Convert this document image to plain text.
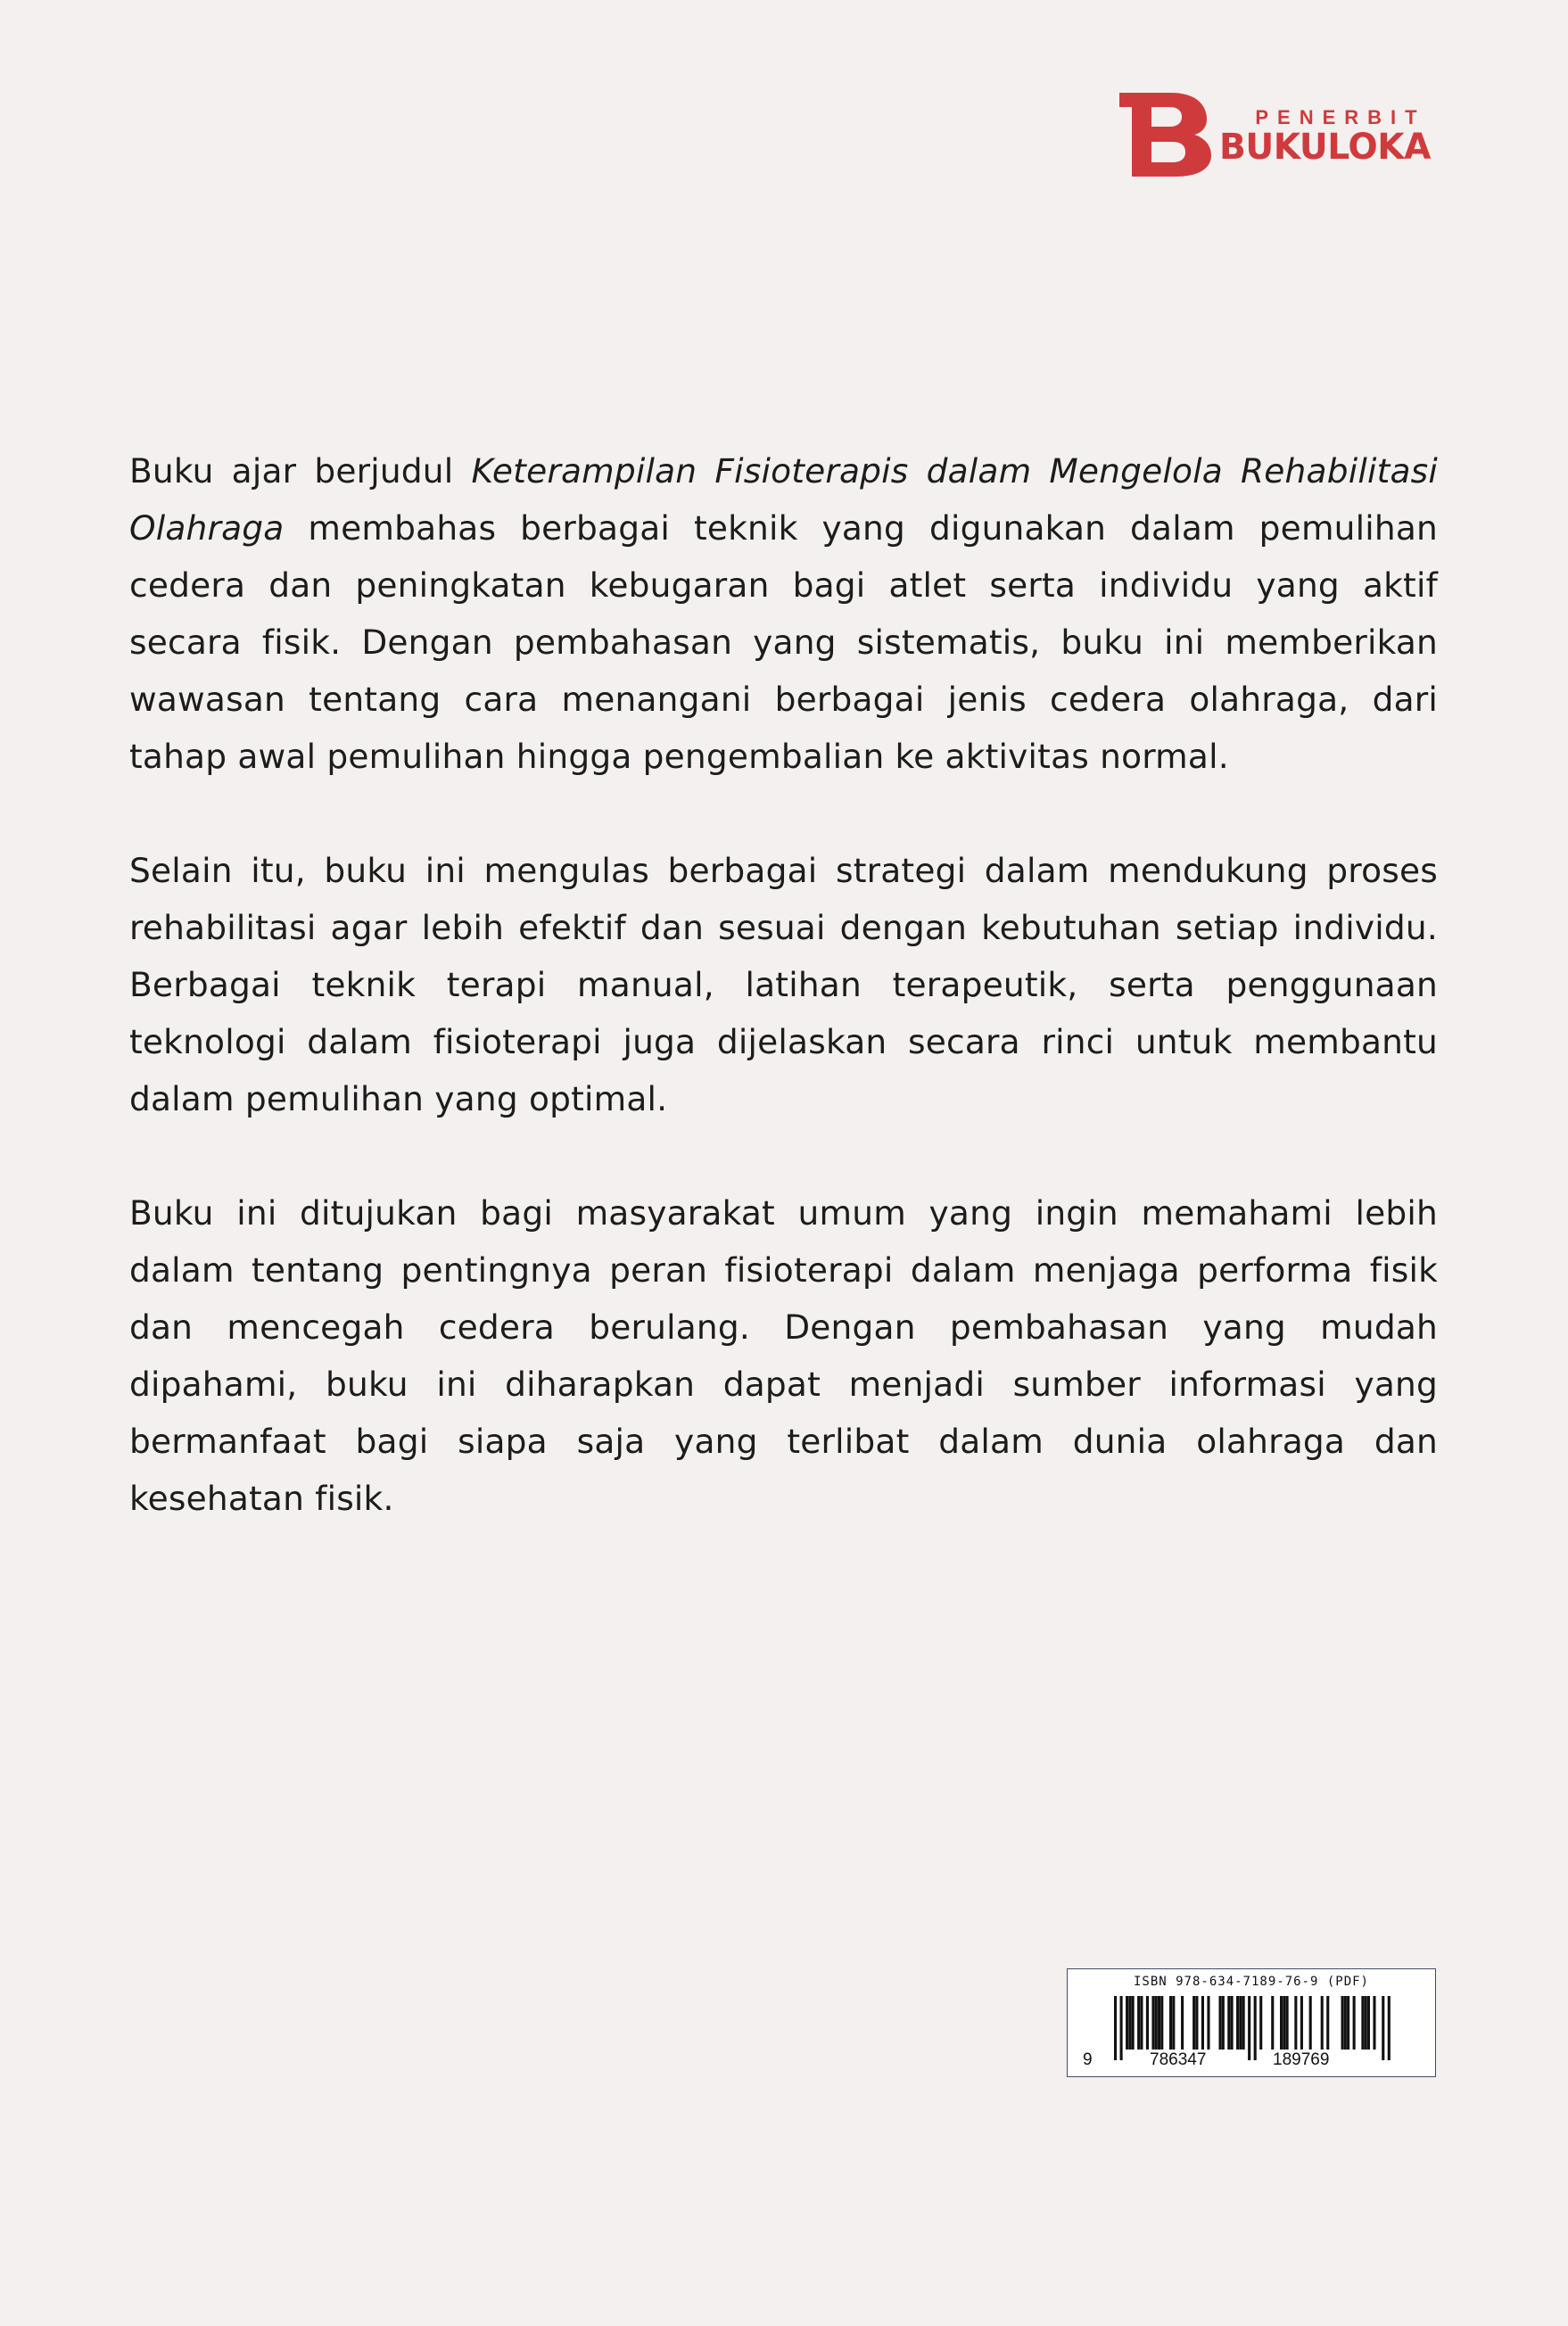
PENERBIT
BUKULOKA

Buku ajar berjudul Keterampilan Fisioterapis dalam Mengelola Rehabilitasi Olahraga membahas berbagai teknik yang digunakan dalam pemulihan cedera dan peningkatan kebugaran bagi atlet serta individu yang aktif secara fisik. Dengan pembahasan yang sistematis, buku ini memberikan wawasan tentang cara menangani berbagai jenis cedera olahraga, dari tahap awal pemulihan hingga pengembalian ke aktivitas normal.

Selain itu, buku ini mengulas berbagai strategi dalam mendukung proses rehabilitasi agar lebih efektif dan sesuai dengan kebutuhan setiap individu. Berbagai teknik terapi manual, latihan terapeutik, serta penggunaan teknologi dalam fisioterapi juga dijelaskan secara rinci untuk membantu dalam pemulihan yang optimal.

Buku ini ditujukan bagi masyarakat umum yang ingin memahami lebih dalam tentang pentingnya peran fisioterapi dalam menjaga performa fisik dan mencegah cedera berulang. Dengan pembahasan yang mudah dipahami, buku ini diharapkan dapat menjadi sumber informasi yang bermanfaat bagi siapa saja yang terlibat dalam dunia olahraga dan kesehatan fisik.

ISBN 978-634-7189-76-9 (PDF)
9	786347	189769
